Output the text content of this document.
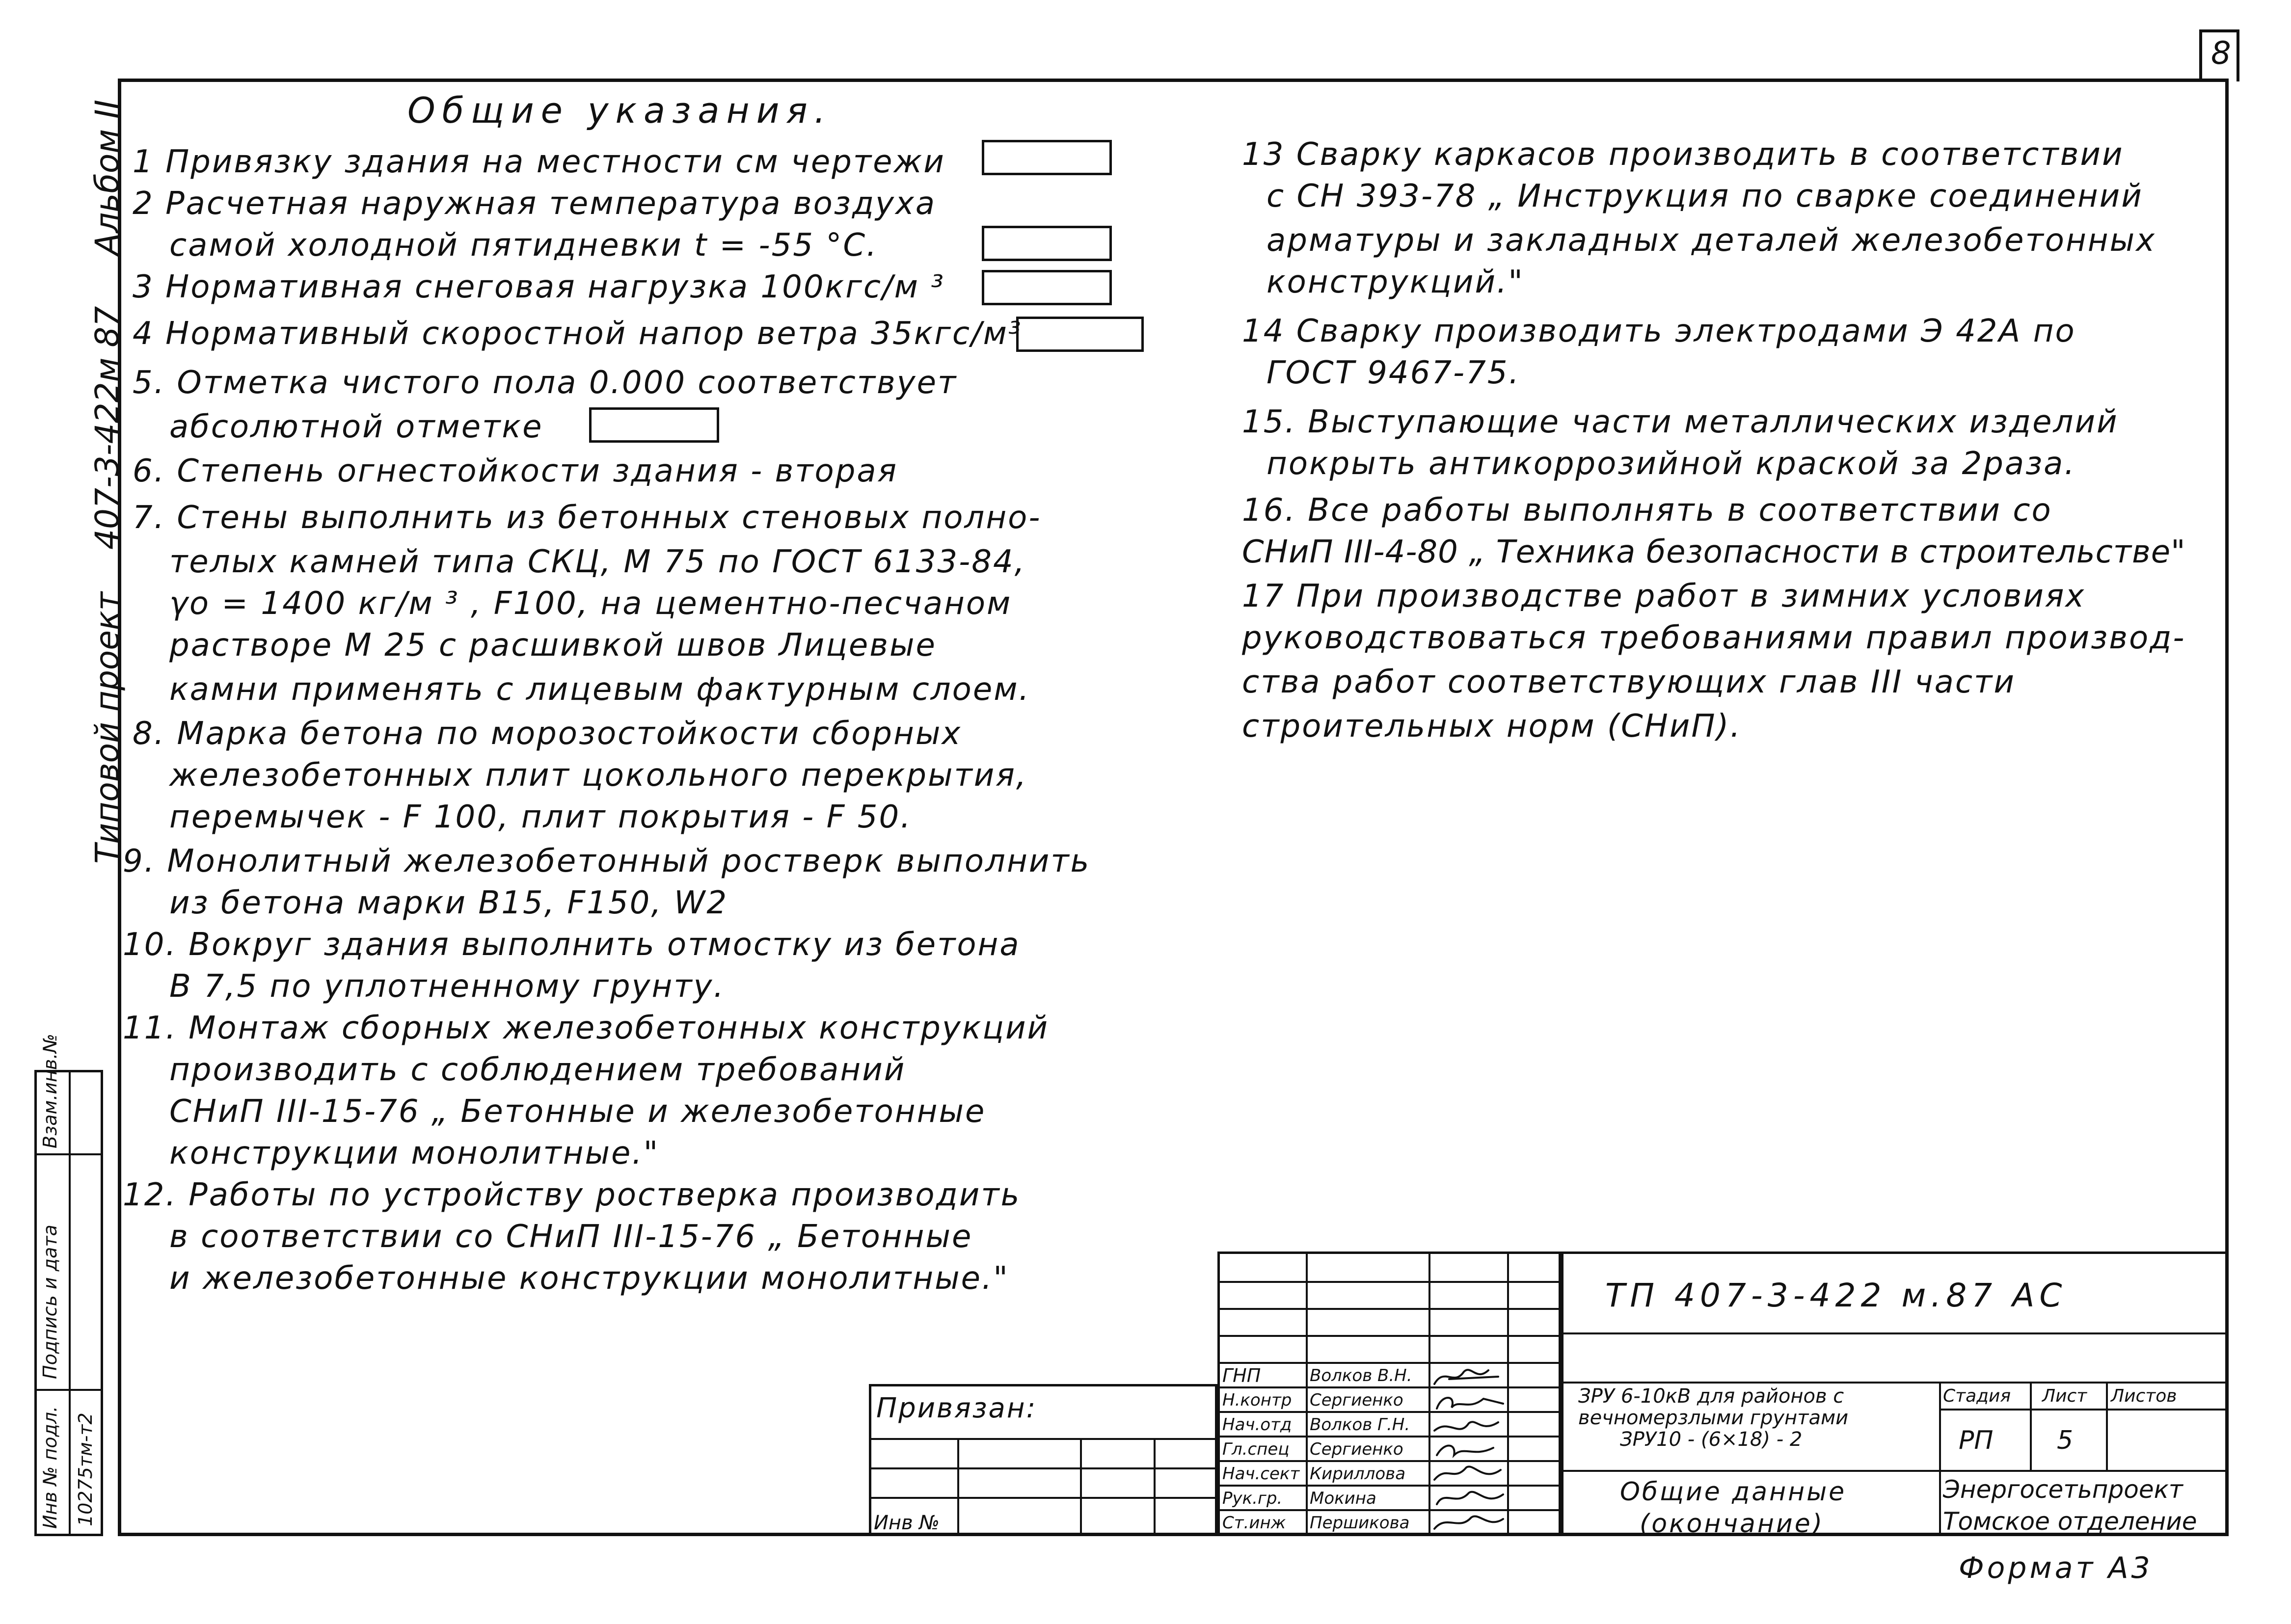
8
Альбом II
407-3-422м 87
Типовой проект
Взам.инв.№
Подпись и дата
Инв № подл. 10275тм-т2
Общие указания.
1 Привязку здания на местности см чертежи
2 Расчетная наружная температура воздуха
самой холодной пятидневки t = -55 °С.
3 Нормативная снеговая нагрузка 100кгс/м ³
4 Нормативный скоростной напор ветра 35кгс/м³
5. Отметка чистого пола 0.000 соответствует
абсолютной отметке
6. Степень огнестойкости здания - вторая
7. Стены выполнить из бетонных стеновых полно-
телых камней типа СКЦ, М 75 по ГОСТ 6133-84,
γo = 1400 кг/м ³ , F100, на цементно-песчаном
растворе М 25 с расшивкой швов Лицевые
камни применять с лицевым фактурным слоем.
8. Марка бетона по морозостойкости сборных
железобетонных плит цокольного перекрытия,
перемычек - F 100, плит покрытия - F 50.
9. Монолитный железобетонный ростверк выполнить
из бетона марки B15, F150, W2
10. Вокруг здания выполнить отмостку из бетона
B 7,5 по уплотненному грунту.
11. Монтаж сборных железобетонных конструкций
производить с соблюдением требований
СНиП III-15-76 „ Бетонные и железобетонные
конструкции монолитные."
12. Работы по устройству ростверка производить
в соответствии со СНиП III-15-76 „ Бетонные
и железобетонные конструкции монолитные."
13 Сварку каркасов производить в соответствии
с СН 393-78 „ Инструкция по сварке соединений
арматуры и закладных деталей железобетонных
конструкций."
14 Сварку производить электродами Э 42А по
ГОСТ 9467-75.
15. Выступающие части металлических изделий
покрыть антикоррозийной краской за 2раза.
16. Все работы выполнять в соответствии со
СНиП III-4-80 „ Техника безопасности в строительстве"
17 При производстве работ в зимних условиях
руководствоваться требованиями правил производ-
ства работ соответствующих глав III части
строительных норм (СНиП).
Привязан:
Инв №
ГНП	Волков В.Н.
Н.контр Сергиенко
Нач.отд Волков Г.Н.
Гл.спец Сергиенко
Нач.сект Кириллова
Рук.гр. Мокина
Ст.инж Першикова
ТП 407-3-422 м.87 АС
ЗРУ 6-10кВ для районов с
вечномерзлыми грунтами
ЗРУ10 - (6×18) - 2
Общие данные
(окончание)
Стадия Лист Листов
РП 5
Энергосетьпроект
Томское отделение
Формат А3
